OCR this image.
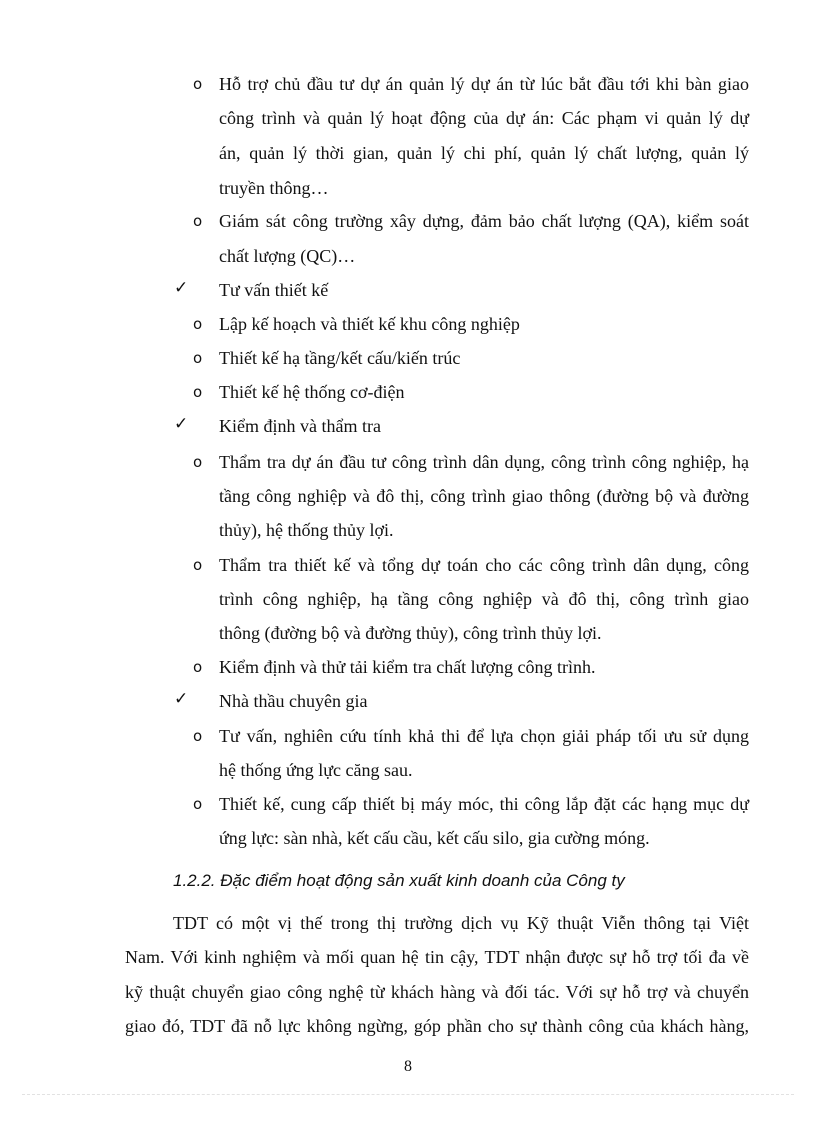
o Hỗ trợ chủ đầu tư dự án quản lý dự án từ lúc bắt đầu tới khi bàn giao
công trình và quản lý hoạt động của dự án: Các phạm vi quản lý dự
án, quản lý thời gian, quản lý chi phí, quản lý chất lượng, quản lý
truyền thông…
o Giám sát công trường xây dựng, đảm bảo chất lượng (QA), kiểm soát
chất lượng (QC)…
✓ Tư vấn thiết kế
o Lập kế hoạch và thiết kế khu công nghiệp
o Thiết kế hạ tầng/kết cấu/kiến trúc
o Thiết kế hệ thống cơ-điện
✓ Kiểm định và thẩm tra
o Thẩm tra dự án đầu tư công trình dân dụng, công trình công nghiệp, hạ
tầng công nghiệp và đô thị, công trình giao thông (đường bộ và đường
thủy), hệ thống thủy lợi.
o Thẩm tra thiết kế và tổng dự toán cho các công trình dân dụng, công
trình công nghiệp, hạ tầng công nghiệp và đô thị, công trình giao
thông (đường bộ và đường thủy), công trình thủy lợi.
o Kiểm định và thử tải kiểm tra chất lượng công trình.
✓ Nhà thầu chuyên gia
o Tư vấn, nghiên cứu tính khả thi để lựa chọn giải pháp tối ưu sử dụng
hệ thống ứng lực căng sau.
o Thiết kế, cung cấp thiết bị máy móc, thi công lắp đặt các hạng mục dự
ứng lực: sàn nhà, kết cấu cầu, kết cấu silo, gia cường móng.
1.2.2. Đặc điểm hoạt động sản xuất kinh doanh của Công ty
TDT có một vị thế trong thị trường dịch vụ Kỹ thuật Viễn thông tại Việt
Nam. Với kinh nghiệm và mối quan hệ tin cậy, TDT nhận được sự hỗ trợ tối đa về
kỹ thuật chuyển giao công nghệ từ khách hàng và đối tác. Với sự hỗ trợ và chuyển
giao đó, TDT đã nỗ lực không ngừng, góp phần cho sự thành công của khách hàng,
8
